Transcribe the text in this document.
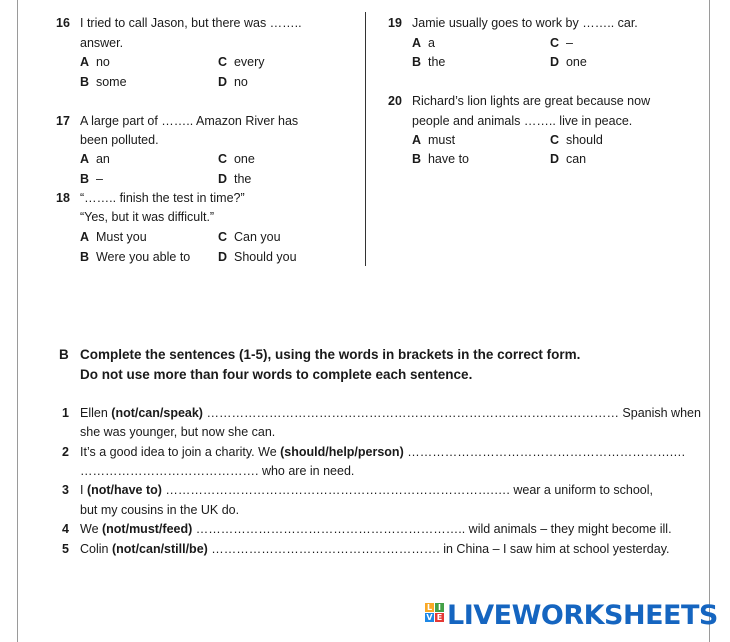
16 I tried to call Jason, but there was ……..
answer.
A no	C every
B some	D no
17 A large part of …….. Amazon River has
been polluted.
A an	C one
B –	D the
18 “…….. finish the test in time?”
“Yes, but it was difficult.”
A Must you	C Can you
B Were you able to D Should you
19 Jamie usually goes to work by …….. car.
A a	C –
B the	D one
20 Richard’s lion lights are great because now
people and animals …….. live in peace.
A must	C should
B have to	D can
B Complete the sentences (1-5), using the words in brackets in the correct form.
Do not use more than four words to complete each sentence.
1 Ellen (not/can/speak) ……………………………………………………………………………………… Spanish when
she was younger, but now she can.
2 It’s a good idea to join a charity. We (should/help/person) ……………………………………………………….…
……………………………………. who are in need.
3 I (not/have to) …………………………………………………………………….…. wear a uniform to school,
but my cousins in the UK do.
4 We (not/must/feed) ……………………………………………………….. wild animals – they might become ill.
5 Colin (not/can/still/be) ………………………………………………. in China – I saw him at school yesterday.
L I
V E LIVEWORKSHEETS
